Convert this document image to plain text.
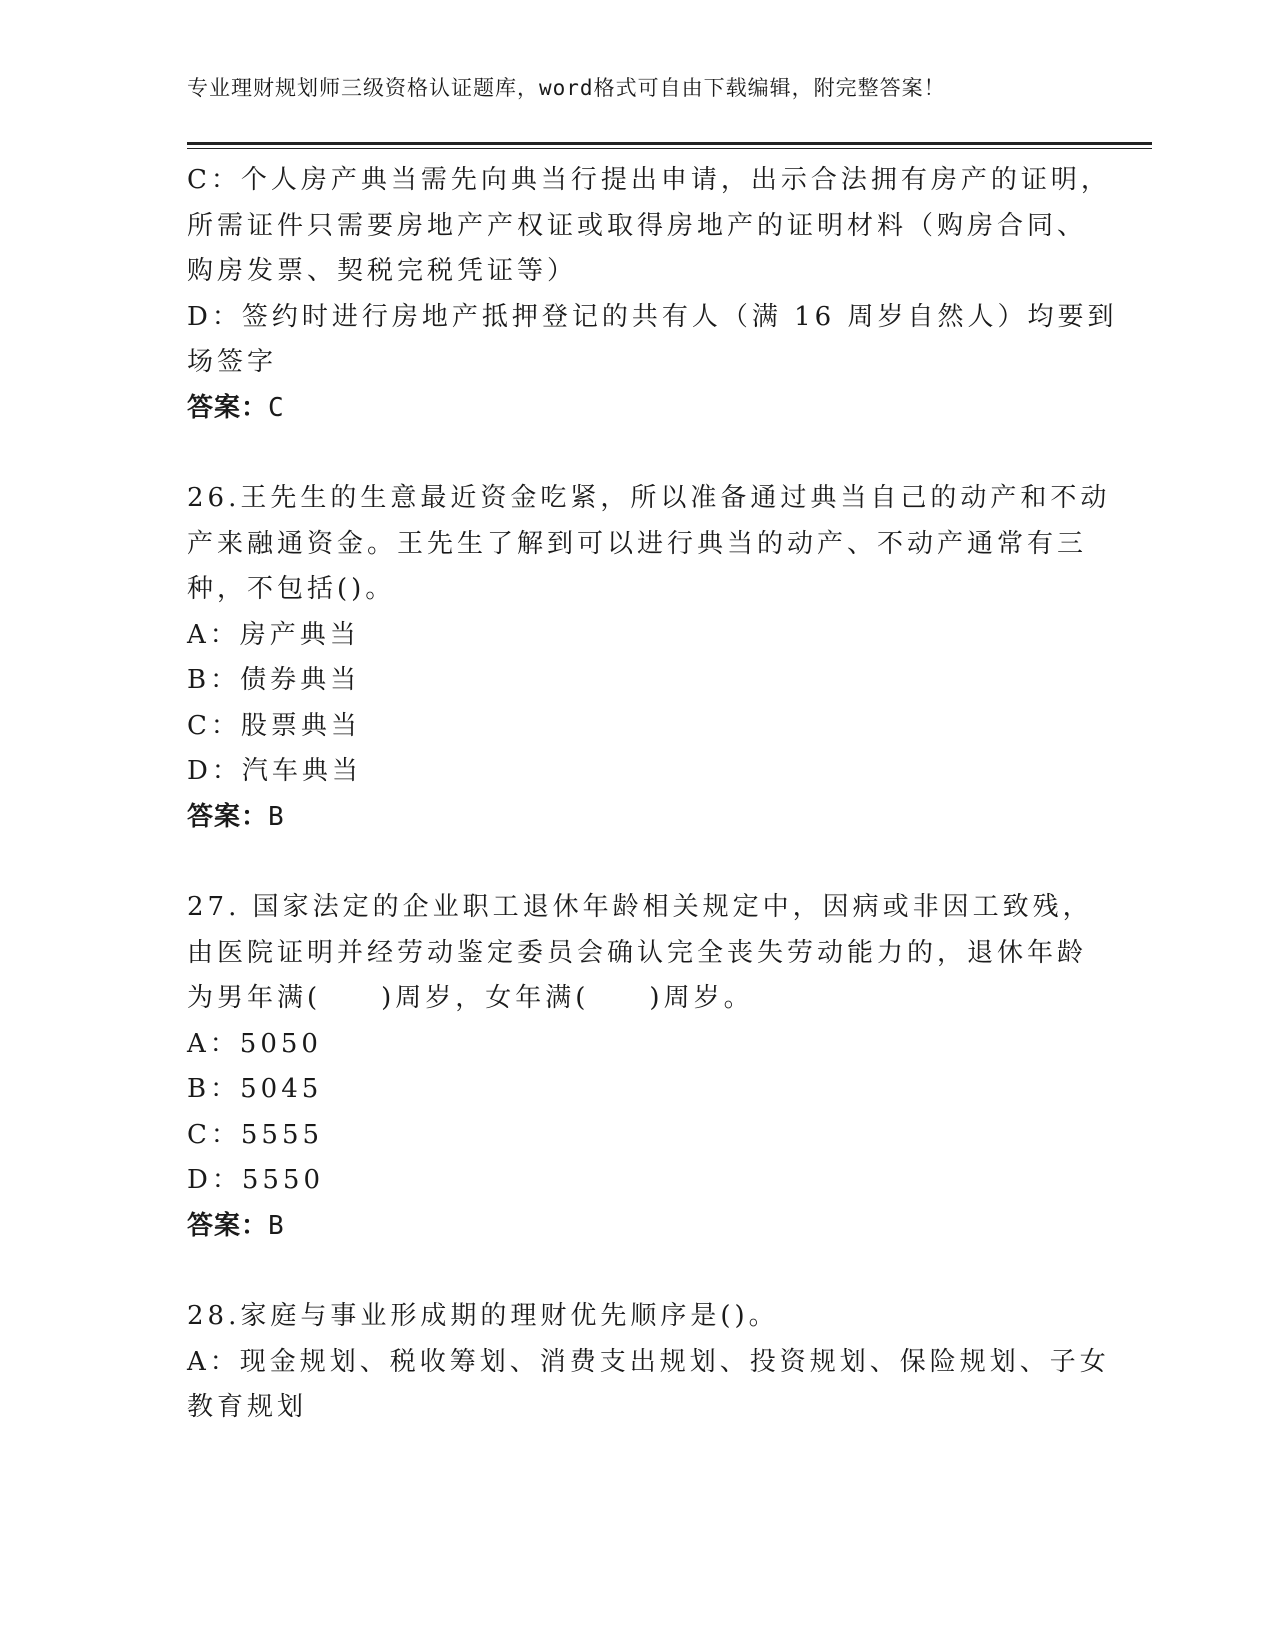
专业理财规划师三级资格认证题库，word格式可自由下载编辑，附完整答案！
C：个人房产典当需先向典当行提出申请，出示合法拥有房产的证明，
所需证件只需要房地产产权证或取得房地产的证明材料（购房合同、
购房发票、契税完税凭证等）
D：签约时进行房地产抵押登记的共有人（满 16 周岁自然人）均要到
场签字
答案：C
26.王先生的生意最近资金吃紧，所以准备通过典当自己的动产和不动
产来融通资金。王先生了解到可以进行典当的动产、不动产通常有三
种，不包括()。
A：房产典当
B：债券典当
C：股票典当
D：汽车典当
答案：B
27. 国家法定的企业职工退休年龄相关规定中，因病或非因工致残，
由医院证明并经劳动鉴定委员会确认完全丧失劳动能力的，退休年龄
为男年满(　　)周岁，女年满(　　)周岁。
A：5050
B：5045
C：5555
D：5550
答案：B
28.家庭与事业形成期的理财优先顺序是()。
A：现金规划、税收筹划、消费支出规划、投资规划、保险规划、子女
教育规划
